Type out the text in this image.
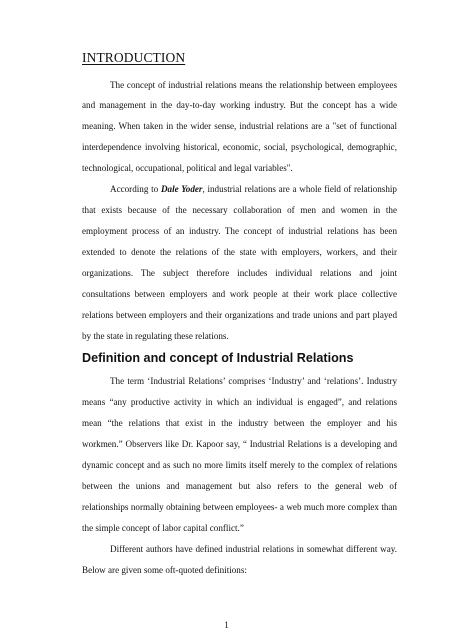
INTRODUCTION
The concept of industrial relations means the relationship between employees
and management in the day-to-day working industry. But the concept has a wide
meaning. When taken in the wider sense, industrial relations are a "set of functional
interdependence involving historical, economic, social, psychological, demographic,
technological, occupational, political and legal variables".
According to Dale Yoder, industrial relations are a whole field of relationship
that exists because of the necessary collaboration of men and women in the
employment process of an industry. The concept of industrial relations has been
extended to denote the relations of the state with employers, workers, and their
organizations. The subject therefore includes individual relations and joint
consultations between employers and work people at their work place collective
relations between employers and their organizations and trade unions and part played
by the state in regulating these relations.
Definition and concept of Industrial Relations
The term ‘Industrial Relations’ comprises ‘Industry’ and ‘relations’. Industry
means “any productive activity in which an individual is engaged”, and relations
mean “the relations that exist in the industry between the employer and his
workmen.” Observers like Dr. Kapoor say, “ Industrial Relations is a developing and
dynamic concept and as such no more limits itself merely to the complex of relations
between the unions and management but also refers to the general web of
relationships normally obtaining between employees- a web much more complex than
the simple concept of labor capital conflict.”
Different authors have defined industrial relations in somewhat different way.
Below are given some oft-quoted definitions:
1
